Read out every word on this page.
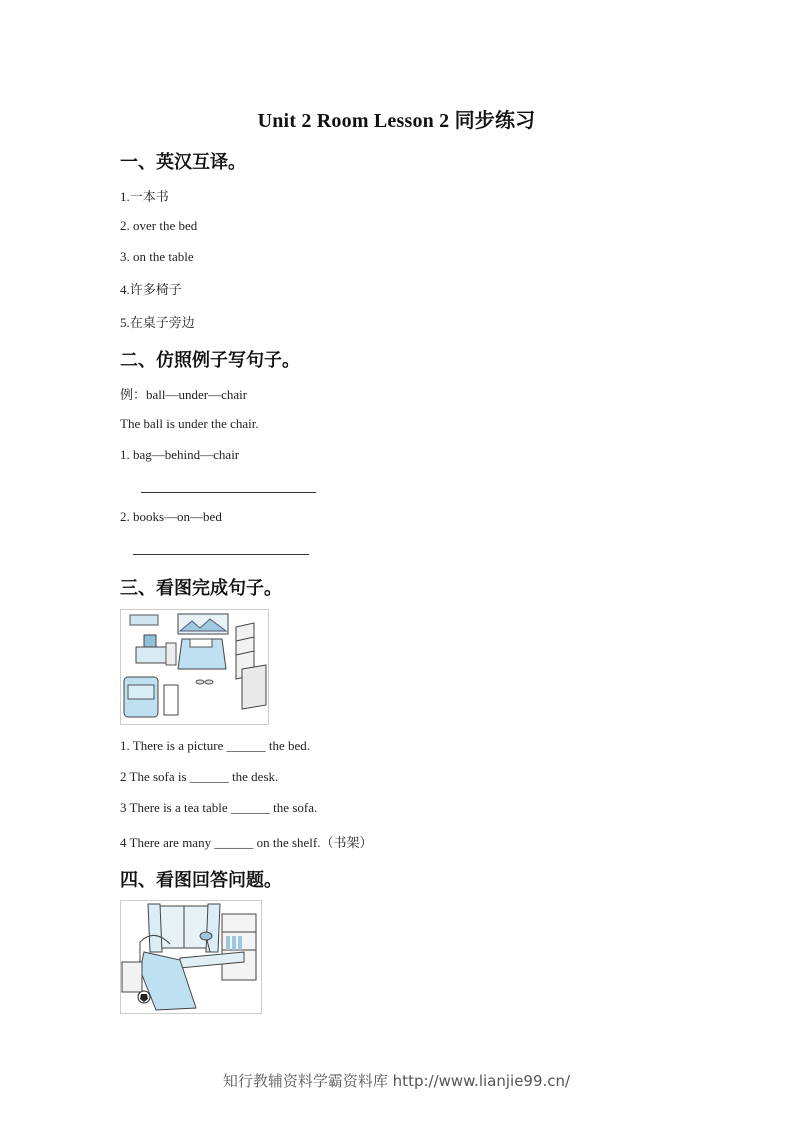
Unit 2 Room Lesson 2 同步练习
一、英汉互译。
1.一本书
2. over the bed
3. on the table
4.许多椅子
5.在桌子旁边
二、仿照例子写句子。
例：ball—under—chair
The ball is under the chair.
1. bag—behind—chair
2. books—on—bed
三、看图完成句子。
1. There is a picture ______ the bed.
2 The sofa is ______ the desk.
3 There is a tea table ______ the sofa.
4 There are many ______ on the shelf.（书架）
四、看图回答问题。
知行教辅资料学霸资料库 http://www.lianjie99.cn/
